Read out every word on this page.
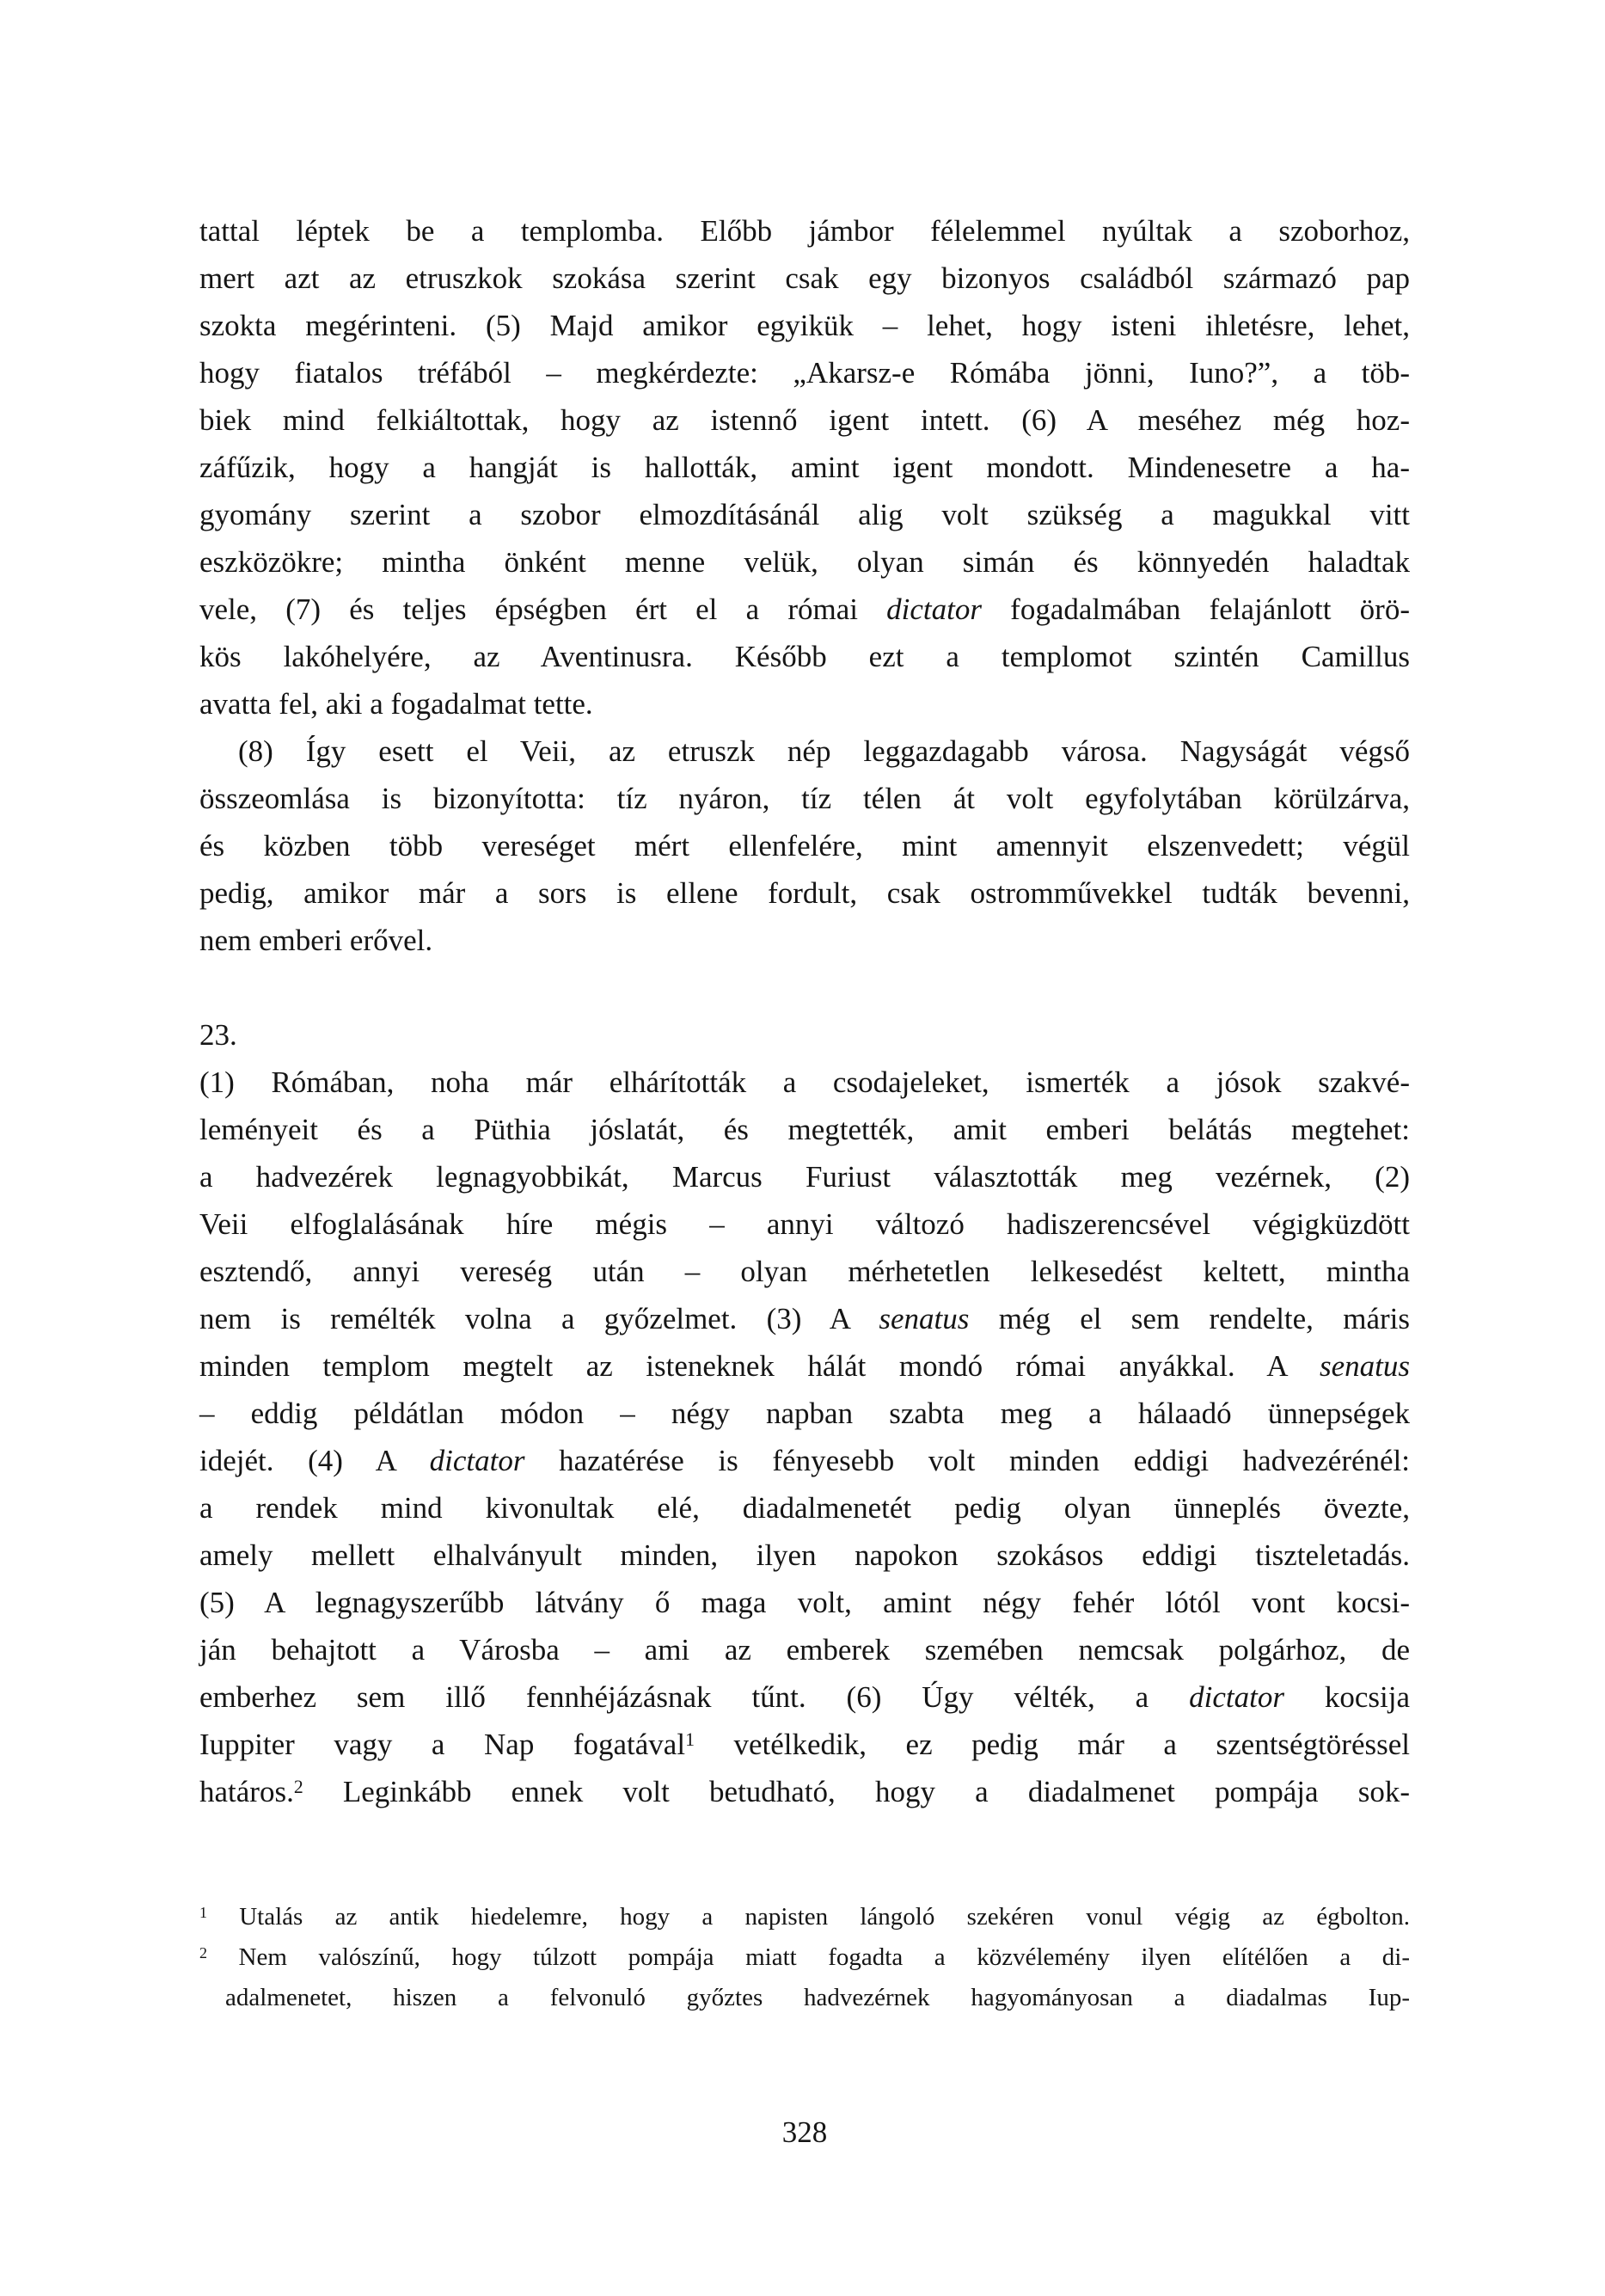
tattal léptek be a templomba. Előbb jámbor félelemmel nyúltak a szoborhoz,
mert azt az etruszkok szokása szerint csak egy bizonyos családból származó pap
szokta megérinteni. (5) Majd amikor egyikük – lehet, hogy isteni ihletésre, lehet,
hogy fiatalos tréfából – megkérdezte: „Akarsz-e Rómába jönni, Iuno?”, a töb-
biek mind felkiáltottak, hogy az istennő igent intett. (6) A meséhez még hoz-
záfűzik, hogy a hangját is hallották, amint igent mondott. Mindenesetre a ha-
gyomány szerint a szobor elmozdításánál alig volt szükség a magukkal vitt
eszközökre; mintha önként menne velük, olyan simán és könnyedén haladtak
vele, (7) és teljes épségben ért el a római dictator fogadalmában felajánlott örö-
kös lakóhelyére, az Aventinusra. Később ezt a templomot szintén Camillus
avatta fel, aki a fogadalmat tette.
(8) Így esett el Veii, az etruszk nép leggazdagabb városa. Nagyságát végső
összeomlása is bizonyította: tíz nyáron, tíz télen át volt egyfolytában körülzárva,
és közben több vereséget mért ellenfelére, mint amennyit elszenvedett; végül
pedig, amikor már a sors is ellene fordult, csak ostromművekkel tudták bevenni,
nem emberi erővel.
23.
(1) Rómában, noha már elhárították a csodajeleket, ismerték a jósok szakvé-
leményeit és a Püthia jóslatát, és megtették, amit emberi belátás megtehet:
a hadvezérek legnagyobbikát, Marcus Furiust választották meg vezérnek, (2)
Veii elfoglalásának híre mégis – annyi változó hadiszerencsével végigküzdött
esztendő, annyi vereség után – olyan mérhetetlen lelkesedést keltett, mintha
nem is remélték volna a győzelmet. (3) A senatus még el sem rendelte, máris
minden templom megtelt az isteneknek hálát mondó római anyákkal. A senatus
– eddig példátlan módon – négy napban szabta meg a hálaadó ünnepségek
idejét. (4) A dictator hazatérése is fényesebb volt minden eddigi hadvezérénél:
a rendek mind kivonultak elé, diadalmenetét pedig olyan ünneplés övezte,
amely mellett elhalványult minden, ilyen napokon szokásos eddigi tiszteletadás.
(5) A legnagyszerűbb látvány ő maga volt, amint négy fehér lótól vont kocsi-
ján behajtott a Városba – ami az emberek szemében nemcsak polgárhoz, de
emberhez sem illő fennhéjázásnak tűnt. (6) Úgy vélték, a dictator kocsija
Iuppiter vagy a Nap fogatával$^1$ vetélkedik, ez pedig már a szentségtöréssel
határos.$^2$ Leginkább ennek volt betudható, hogy a diadalmenet pompája sok-
$^1$ Utalás az antik hiedelemre, hogy a napisten lángoló szekéren vonul végig az égbolton.
$^2$ Nem valószínű, hogy túlzott pompája miatt fogadta a közvélemény ilyen elítélően a di-
adalmenetet, hiszen a felvonuló győztes hadvezérnek hagyományosan a diadalmas Iup-
328
